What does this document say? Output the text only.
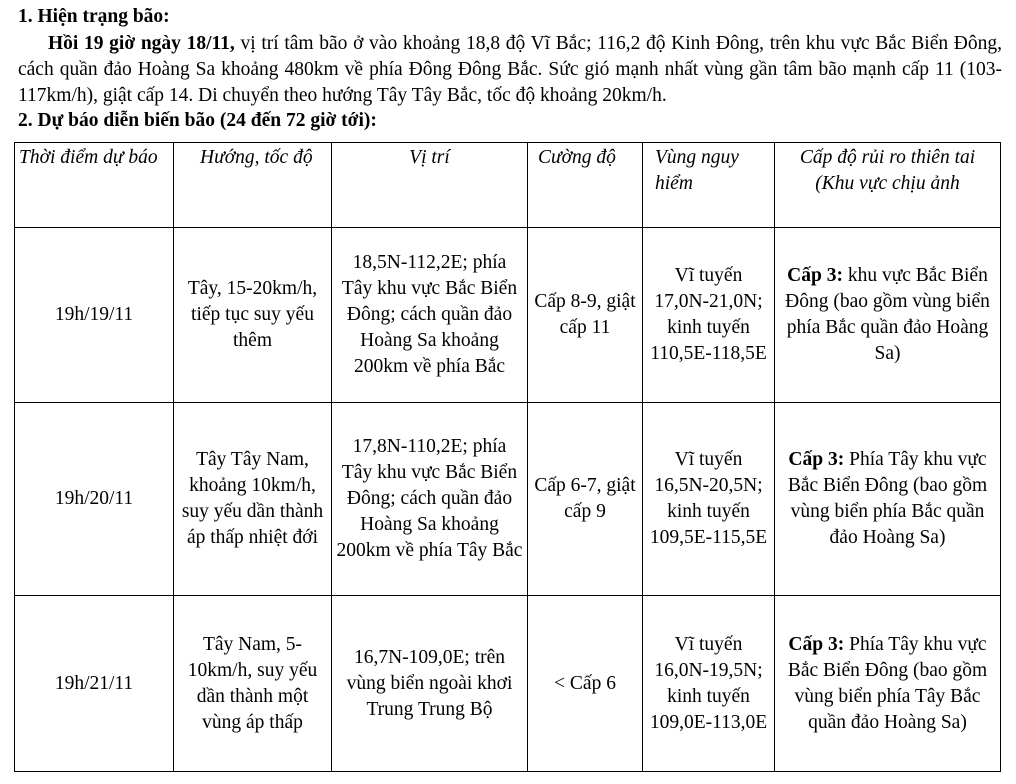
1. Hiện trạng bão:

Hồi 19 giờ ngày 18/11, vị trí tâm bão ở vào khoảng 18,8 độ Vĩ Bắc; 116,2 độ Kinh Đông, trên khu vực Bắc Biển Đông, cách quần đảo Hoàng Sa khoảng 480km về phía Đông Đông Bắc. Sức gió mạnh nhất vùng gần tâm bão mạnh cấp 11 (103-117km/h), giật cấp 14. Di chuyển theo hướng Tây Tây Bắc, tốc độ khoảng 20km/h.

2. Dự báo diễn biến bão (24 đến 72 giờ tới):

Thời điểm dự báo	Hướng, tốc độ	Vị trí	Cường độ	Vùng nguy hiểm	Cấp độ rủi ro thiên tai (Khu vực chịu ảnh
19h/19/11	Tây, 15-20km/h, tiếp tục suy yếu thêm	18,5N-112,2E; phía Tây khu vực Bắc Biển Đông; cách quần đảo Hoàng Sa khoảng 200km về phía Bắc	Cấp 8-9, giật cấp 11	Vĩ tuyến 17,0N-21,0N; kinh tuyến 110,5E-118,5E	Cấp 3: khu vực Bắc Biển Đông (bao gồm vùng biển phía Bắc quần đảo Hoàng Sa)
19h/20/11	Tây Tây Nam, khoảng 10km/h, suy yếu dần thành áp thấp nhiệt đới	17,8N-110,2E; phía Tây khu vực Bắc Biển Đông; cách quần đảo Hoàng Sa khoảng 200km về phía Tây Bắc	Cấp 6-7, giật cấp 9	Vĩ tuyến 16,5N-20,5N; kinh tuyến 109,5E-115,5E	Cấp 3: Phía Tây khu vực Bắc Biển Đông (bao gồm vùng biển phía Bắc quần đảo Hoàng Sa)
19h/21/11	Tây Nam, 5-10km/h, suy yếu dần thành một vùng áp thấp	16,7N-109,0E; trên vùng biển ngoài khơi Trung Trung Bộ	< Cấp 6	Vĩ tuyến 16,0N-19,5N; kinh tuyến 109,0E-113,0E	Cấp 3: Phía Tây khu vực Bắc Biển Đông (bao gồm vùng biển phía Tây Bắc quần đảo Hoàng Sa)
